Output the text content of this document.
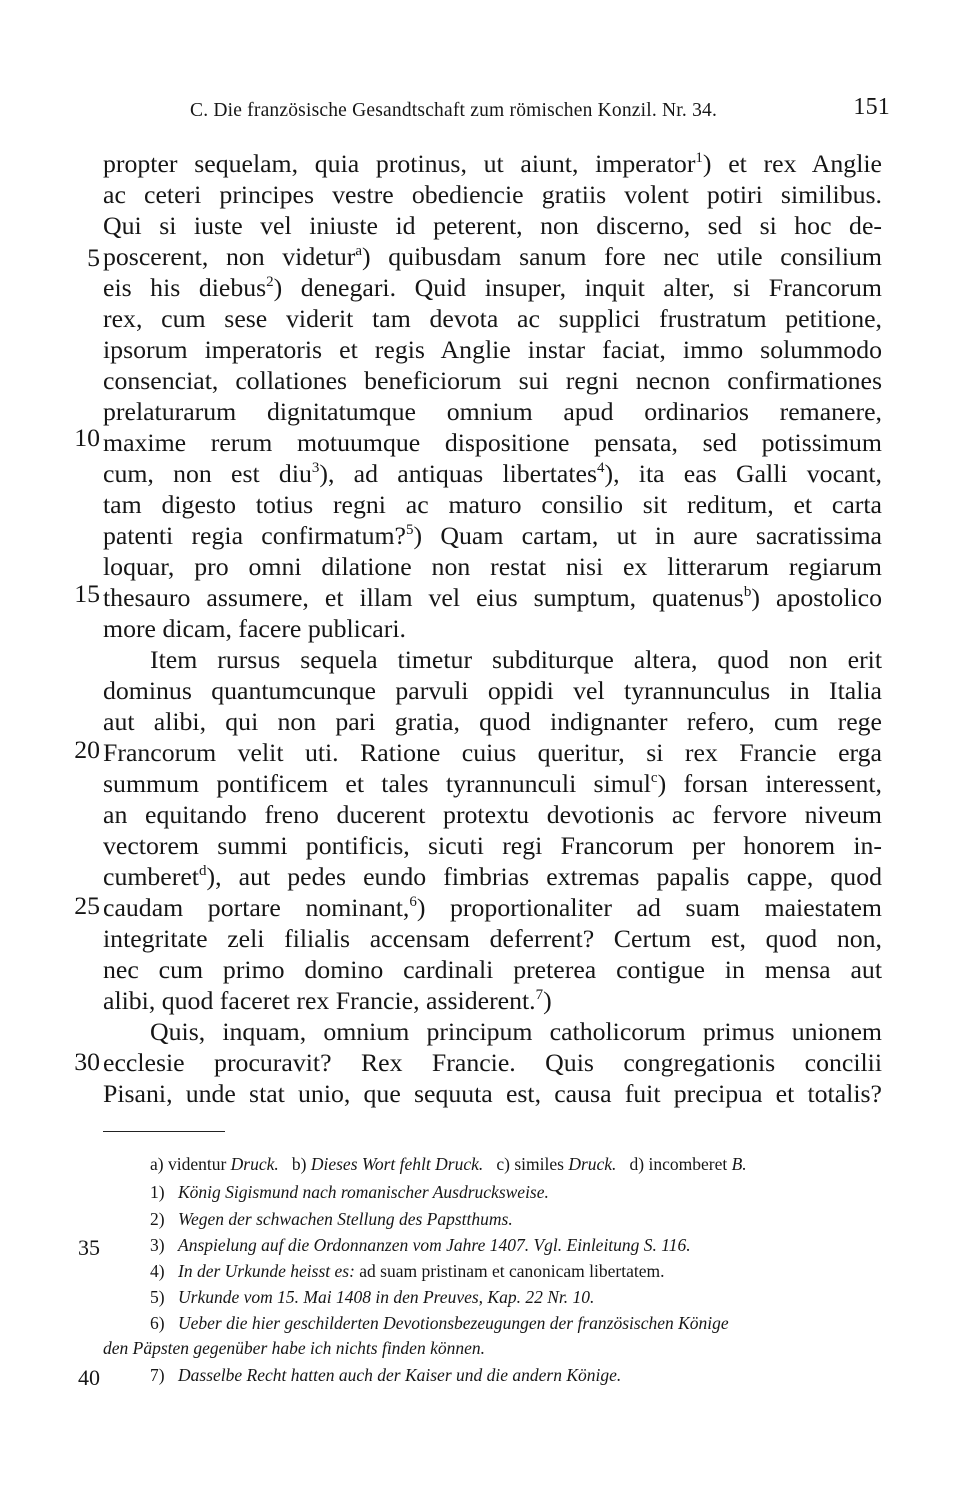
C. Die französische Gesandtschaft zum römischen Konzil. Nr. 34.	151
5
10
15
20
25
30
propter sequelam, quia protinus, ut aiunt, imperator$^1$) et rex Anglie
ac ceteri principes vestre obediencie gratiis volent potiri similibus.
Qui si iuste vel iniuste id peterent, non discerno, sed si hoc de-
poscerent, non videtur$^a$) quibusdam sanum fore nec utile consilium
eis his diebus$^2$) denegari. Quid insuper, inquit alter, si Francorum
rex, cum sese viderit tam devota ac supplici frustratum petitione,
ipsorum imperatoris et regis Anglie instar faciat, immo solummodo
consenciat, collationes beneficiorum sui regni necnon confirmationes
prelaturarum dignitatumque omnium apud ordinarios remanere,
maxime rerum motuumque dispositione pensata, sed potissimum
cum, non est diu$^3$), ad antiquas libertates$^4$), ita eas Galli vocant,
tam digesto totius regni ac maturo consilio sit reditum, et carta
patenti regia confirmatum?$^5$) Quam cartam, ut in aure sacratissima
loquar, pro omni dilatione non restat nisi ex litterarum regiarum
thesauro assumere, et illam vel eius sumptum, quatenus$^b$) apostolico
more dicam, facere publicari.
Item rursus sequela timetur subditurque altera, quod non erit
dominus quantumcunque parvuli oppidi vel tyrannunculus in Italia
aut alibi, qui non pari gratia, quod indignanter refero, cum rege
Francorum velit uti. Ratione cuius queritur, si rex Francie erga
summum pontificem et tales tyrannunculi simul$^c$) forsan interessent,
an equitando freno ducerent protextu devotionis ac fervore niveum
vectorem summi pontificis, sicuti regi Francorum per honorem in-
cumberet$^d$), aut pedes eundo fimbrias extremas papalis cappe, quod
caudam portare nominant,$^6$) proportionaliter ad suam maiestatem
integritate zeli filialis accensam deferrent? Certum est, quod non,
nec cum primo domino cardinali preterea contigue in mensa aut
alibi, quod faceret rex Francie, assiderent.$^7$)
Quis, inquam, omnium principum catholicorum primus unionem
ecclesie procuravit? Rex Francie. Quis congregationis concilii
Pisani, unde stat unio, que sequuta est, causa fuit precipua et totalis?
a) videntur Druck. b) Dieses Wort fehlt Druck. c) similes Druck. d) incomberet B.
1) König Sigismund nach romanischer Ausdrucksweise.
2) Wegen der schwachen Stellung des Papstthums.
35	3) Anspielung auf die Ordonnanzen vom Jahre 1407. Vgl. Einleitung S. 116.
4) In der Urkunde heisst es: ad suam pristinam et canonicam libertatem.
5) Urkunde vom 15. Mai 1408 in den Preuves, Kap. 22 Nr. 10.
6) Ueber die hier geschilderten Devotionsbezeugungen der französischen Könige
den Päpsten gegenüber habe ich nichts finden können.
40	7) Dasselbe Recht hatten auch der Kaiser und die andern Könige.
